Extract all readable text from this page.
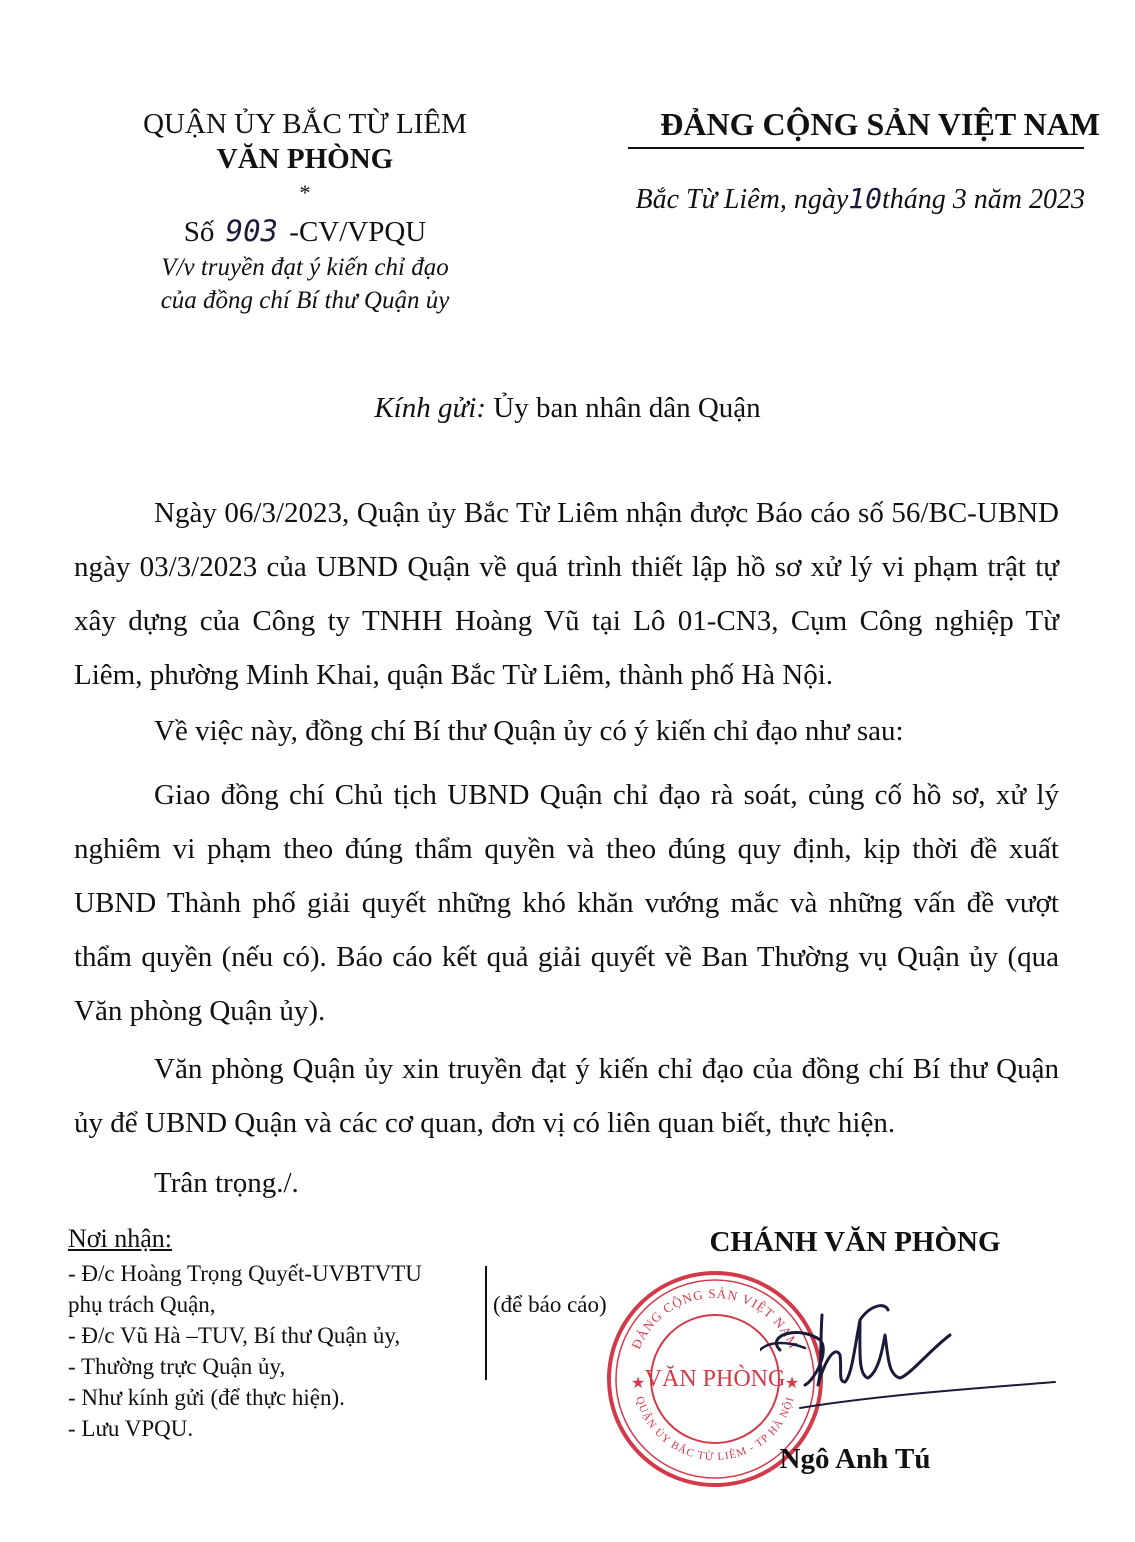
QUẬN ỦY BẮC TỪ LIÊM
VĂN PHÒNG
*
Số 903 -CV/VPQU
V/v truyền đạt ý kiến chỉ đạo
của đồng chí Bí thư Quận ủy
ĐẢNG CỘNG SẢN VIỆT NAM
Bắc Từ Liêm, ngày10tháng 3 năm 2023
Kính gửi: Ủy ban nhân dân Quận
Ngày 06/3/2023, Quận ủy Bắc Từ Liêm nhận được Báo cáo số 56/BC-UBND ngày 03/3/2023 của UBND Quận về quá trình thiết lập hồ sơ xử lý vi phạm trật tự xây dựng của Công ty TNHH Hoàng Vũ tại Lô 01-CN3, Cụm Công nghiệp Từ Liêm, phường Minh Khai, quận Bắc Từ Liêm, thành phố Hà Nội.
Về việc này, đồng chí Bí thư Quận ủy có ý kiến chỉ đạo như sau:
Giao đồng chí Chủ tịch UBND Quận chỉ đạo rà soát, củng cố hồ sơ, xử lý nghiêm vi phạm theo đúng thẩm quyền và theo đúng quy định, kịp thời đề xuất UBND Thành phố giải quyết những khó khăn vướng mắc và những vấn đề vượt thẩm quyền (nếu có). Báo cáo kết quả giải quyết về Ban Thường vụ Quận ủy (qua Văn phòng Quận ủy).
Văn phòng Quận ủy xin truyền đạt ý kiến chỉ đạo của đồng chí Bí thư Quận ủy để UBND Quận và các cơ quan, đơn vị có liên quan biết, thực hiện.
Trân trọng./.
Nơi nhận:
- Đ/c Hoàng Trọng Quyết-UVBTVTU
phụ trách Quận,
- Đ/c Vũ Hà –TUV, Bí thư Quận ủy,
- Thường trực Quận ủy,
- Như kính gửi (để thực hiện).
- Lưu VPQU.
(để báo cáo)
CHÁNH VĂN PHÒNG
ĐẢNG CỘNG SẢN VIỆT NAM
QUẬN ỦY BẮC TỪ LIÊM - TP HÀ NỘI
VĂN PHÒNG
★	★
Ngô Anh Tú
